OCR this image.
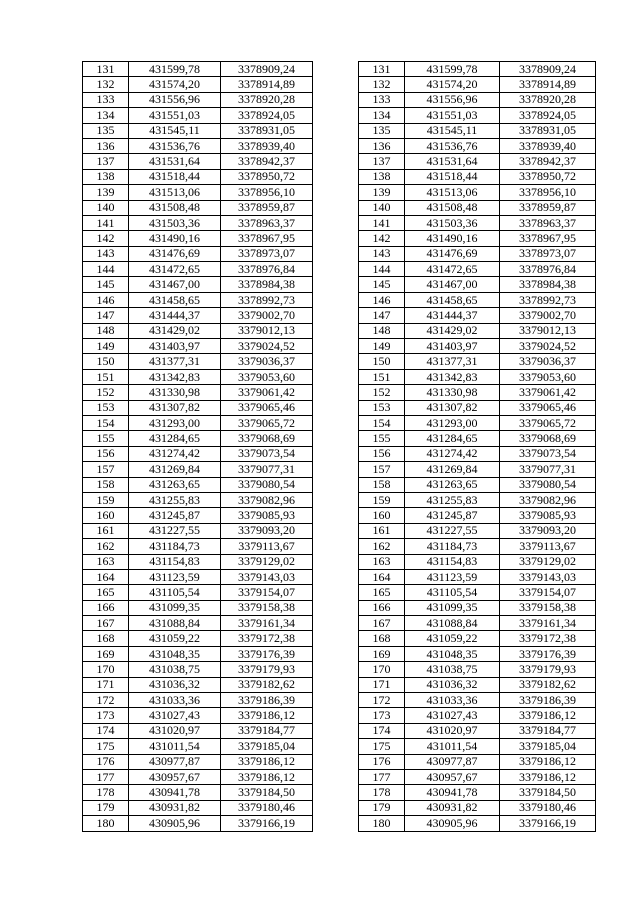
131	431599,78	3378909,24
132	431574,20	3378914,89
133	431556,96	3378920,28
134	431551,03	3378924,05
135	431545,11	3378931,05
136	431536,76	3378939,40
137	431531,64	3378942,37
138	431518,44	3378950,72
139	431513,06	3378956,10
140	431508,48	3378959,87
141	431503,36	3378963,37
142	431490,16	3378967,95
143	431476,69	3378973,07
144	431472,65	3378976,84
145	431467,00	3378984,38
146	431458,65	3378992,73
147	431444,37	3379002,70
148	431429,02	3379012,13
149	431403,97	3379024,52
150	431377,31	3379036,37
151	431342,83	3379053,60
152	431330,98	3379061,42
153	431307,82	3379065,46
154	431293,00	3379065,72
155	431284,65	3379068,69
156	431274,42	3379073,54
157	431269,84	3379077,31
158	431263,65	3379080,54
159	431255,83	3379082,96
160	431245,87	3379085,93
161	431227,55	3379093,20
162	431184,73	3379113,67
163	431154,83	3379129,02
164	431123,59	3379143,03
165	431105,54	3379154,07
166	431099,35	3379158,38
167	431088,84	3379161,34
168	431059,22	3379172,38
169	431048,35	3379176,39
170	431038,75	3379179,93
171	431036,32	3379182,62
172	431033,36	3379186,39
173	431027,43	3379186,12
174	431020,97	3379184,77
175	431011,54	3379185,04
176	430977,87	3379186,12
177	430957,67	3379186,12
178	430941,78	3379184,50
179	430931,82	3379180,46
180	430905,96	3379166,19
131	431599,78	3378909,24
132	431574,20	3378914,89
133	431556,96	3378920,28
134	431551,03	3378924,05
135	431545,11	3378931,05
136	431536,76	3378939,40
137	431531,64	3378942,37
138	431518,44	3378950,72
139	431513,06	3378956,10
140	431508,48	3378959,87
141	431503,36	3378963,37
142	431490,16	3378967,95
143	431476,69	3378973,07
144	431472,65	3378976,84
145	431467,00	3378984,38
146	431458,65	3378992,73
147	431444,37	3379002,70
148	431429,02	3379012,13
149	431403,97	3379024,52
150	431377,31	3379036,37
151	431342,83	3379053,60
152	431330,98	3379061,42
153	431307,82	3379065,46
154	431293,00	3379065,72
155	431284,65	3379068,69
156	431274,42	3379073,54
157	431269,84	3379077,31
158	431263,65	3379080,54
159	431255,83	3379082,96
160	431245,87	3379085,93
161	431227,55	3379093,20
162	431184,73	3379113,67
163	431154,83	3379129,02
164	431123,59	3379143,03
165	431105,54	3379154,07
166	431099,35	3379158,38
167	431088,84	3379161,34
168	431059,22	3379172,38
169	431048,35	3379176,39
170	431038,75	3379179,93
171	431036,32	3379182,62
172	431033,36	3379186,39
173	431027,43	3379186,12
174	431020,97	3379184,77
175	431011,54	3379185,04
176	430977,87	3379186,12
177	430957,67	3379186,12
178	430941,78	3379184,50
179	430931,82	3379180,46
180	430905,96	3379166,19
